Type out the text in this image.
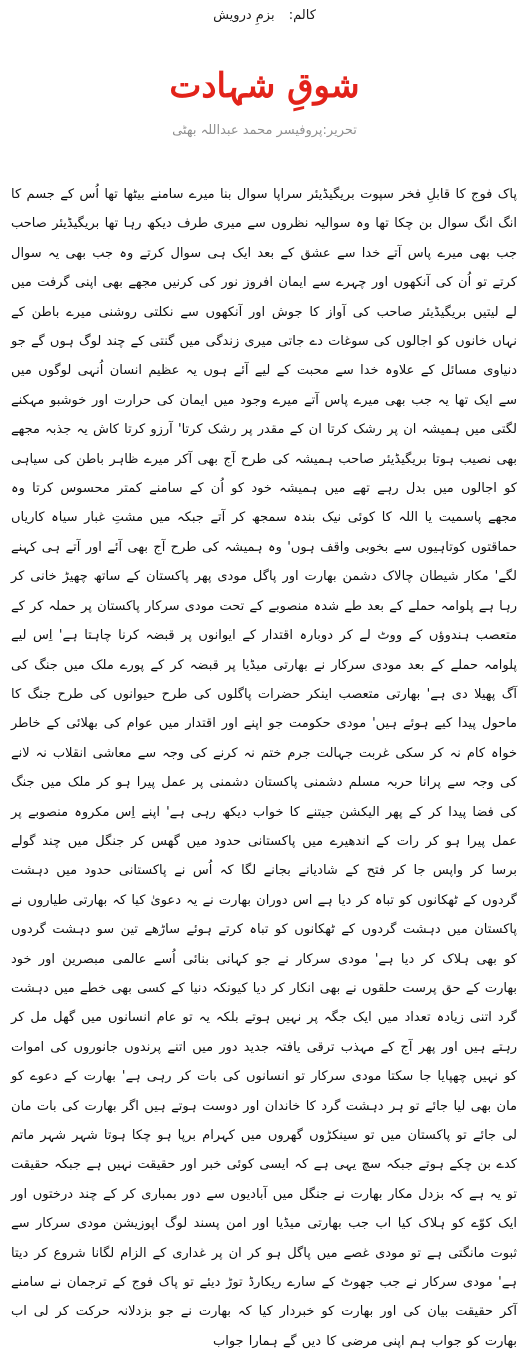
کالم: بزمِ درویش
شوقِ شہادت
تحریر:پروفیسر محمد عبداللہ بھٹی
پاک فوج کا قابلِ فخر سپوت بریگیڈیئر سراپا سوال بنا میرے سامنے بیٹھا تھا اُس کے جسم کا انگ انگ سوال بن چکا تھا وہ سوالیہ نظروں سے میری طرف دیکھ رہا تھا بریگیڈیئر صاحب جب بھی میرے پاس آتے خدا سے عشق کے بعد ایک ہی سوال کرتے وہ جب بھی یہ سوال کرتے تو اُن کی آنکھوں اور چہرے سے ایمان افروز نور کی کرنیں مجھے بھی اپنی گرفت میں لے لیتیں بریگیڈیئر صاحب کی آواز کا جوش اور آنکھوں سے نکلتی روشنی میرے باطن کے نہاں خانوں کو اجالوں کی سوغات دے جاتی میری زندگی میں گنتی کے چند لوگ ہوں گے جو دنیاوی مسائل کے علاوہ خدا سے محبت کے لیے آئے ہوں یہ عظیم انسان اُنہی لوگوں میں سے ایک تھا یہ جب بھی میرے پاس آتے میرے وجود میں ایمان کی حرارت اور خوشبو مہکنے لگتی میں ہمیشہ ان پر رشک کرتا ان کے مقدر پر رشک کرتا' آرزو کرتا کاش یہ جذبہ مجھے بھی نصیب ہوتا بریگیڈیئر صاحب ہمیشہ کی طرح آج بھی آکر میرے ظاہر باطن کی سیاہی کو اجالوں میں بدل رہے تھے میں ہمیشہ خود کو اُن کے سامنے کمتر محسوس کرتا وہ مجھے پاسمیت یا اللہ کا کوئی نیک بندہ سمجھ کر آتے جبکہ میں مشتِ غبار سیاہ کاریاں حماقتوں کوتاہیوں سے بخوبی واقف ہوں' وہ ہمیشہ کی طرح آج بھی آئے اور آتے ہی کہنے لگے' مکار شیطان چالاک دشمن بھارت اور پاگل مودی پھر پاکستان کے ساتھ چھیڑ خانی کر رہا ہے پلوامہ حملے کے بعد طے شدہ منصوبے کے تحت مودی سرکار پاکستان پر حملہ کر کے متعصب ہندوؤں کے ووٹ لے کر دوبارہ اقتدار کے ایوانوں پر قبضہ کرنا چاہتا ہے' اِس لیے پلوامہ حملے کے بعد مودی سرکار نے بھارتی میڈیا پر قبضہ کر کے پورے ملک میں جنگ کی آگ پھیلا دی ہے' بھارتی متعصب اینکر حضرات پاگلوں کی طرح حیوانوں کی طرح جنگ کا ماحول پیدا کیے ہوئے ہیں' مودی حکومت جو اپنے اور اقتدار میں عوام کی بھلائی کے خاطر خواہ کام نہ کر سکی غربت جہالت جرم ختم نہ کرنے کی وجہ سے معاشی انقلاب نہ لانے کی وجہ سے پرانا حربہ مسلم دشمنی پاکستان دشمنی پر عمل پیرا ہو کر ملک میں جنگ کی فضا پیدا کر کے پھر الیکشن جیتنے کا خواب دیکھ رہی ہے' اپنے اِس مکروہ منصوبے پر عمل پیرا ہو کر رات کے اندھیرے میں پاکستانی حدود میں گھس کر جنگل میں چند گولے برسا کر واپس جا کر فتح کے شادیانے بجانے لگا کہ اُس نے پاکستانی حدود میں دہشت گردوں کے ٹھکانوں کو تباہ کر دیا ہے اس دوران بھارت نے یہ دعویٰ کیا کہ بھارتی طیاروں نے پاکستان میں دہشت گردوں کے ٹھکانوں کو تباہ کرتے ہوئے ساڑھے تین سو دہشت گردوں کو بھی ہلاک کر دیا ہے' مودی سرکار نے جو کہانی بنائی اُسے عالمی مبصرین اور خود بھارت کے حق پرست حلقوں نے بھی انکار کر دیا کیونکہ دنیا کے کسی بھی خطے میں دہشت گرد اتنی زیادہ تعداد میں ایک جگہ پر نہیں ہوتے بلکہ یہ تو عام انسانوں میں گھل مل کر رہتے ہیں اور پھر آج کے مہذب ترقی یافتہ جدید دور میں اتنے پرندوں جانوروں کی اموات کو نہیں چھپایا جا سکتا مودی سرکار تو انسانوں کی بات کر رہی ہے' بھارت کے دعوے کو مان بھی لیا جائے تو ہر دہشت گرد کا خاندان اور دوست ہوتے ہیں اگر بھارت کی بات مان لی جائے تو پاکستان میں تو سینکڑوں گھروں میں کہرام برپا ہو چکا ہوتا شہر شہر ماتم کدے بن چکے ہوتے جبکہ سچ یہی ہے کہ ایسی کوئی خبر اور حقیقت نہیں ہے جبکہ حقیقت تو یہ ہے کہ بزدل مکار بھارت نے جنگل میں آبادیوں سے دور بمباری کر کے چند درختوں اور ایک کوّے کو ہلاک کیا اب جب بھارتی میڈیا اور امن پسند لوگ اپوزیشن مودی سرکار سے ثبوت مانگتی ہے تو مودی غصے میں پاگل ہو کر ان پر غداری کے الزام لگانا شروع کر دیتا ہے' مودی سرکار نے جب جھوٹ کے سارے ریکارڈ توڑ دیئے تو پاک فوج کے ترجمان نے سامنے آکر حقیقت بیان کی اور بھارت کو خبردار کیا کہ بھارت نے جو بزدلانہ حرکت کر لی اب بھارت کو جواب ہم اپنی مرضی کا دیں گے ہمارا جواب
